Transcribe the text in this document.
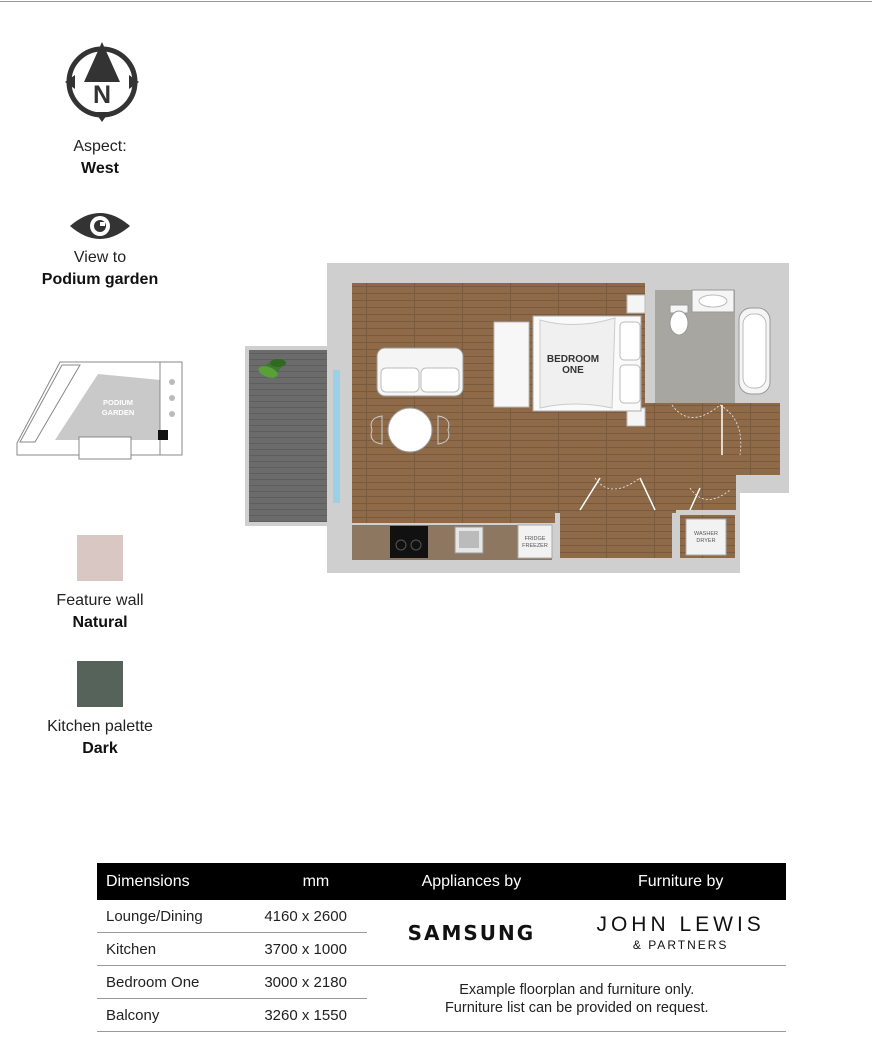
N
PODIUM
GARDEN
FRIDGE
FREEZER
WASHER
DRYER
BEDROOM
ONE
Aspect:
West
View to
Podium garden
Feature wall
Natural
Kitchen palette
Dark
Dimensions	mm	Appliances by	Furniture by
Lounge/Dining	4160 x 2600	SAMSUNG	JOHN LEWIS
& PARTNERS

Kitchen	3700 x 1000		
Bedroom One	3000 x 2180	Example floorplan and furniture only.
Furniture list can be provided on request.	

Balcony	3260 x 1550		
